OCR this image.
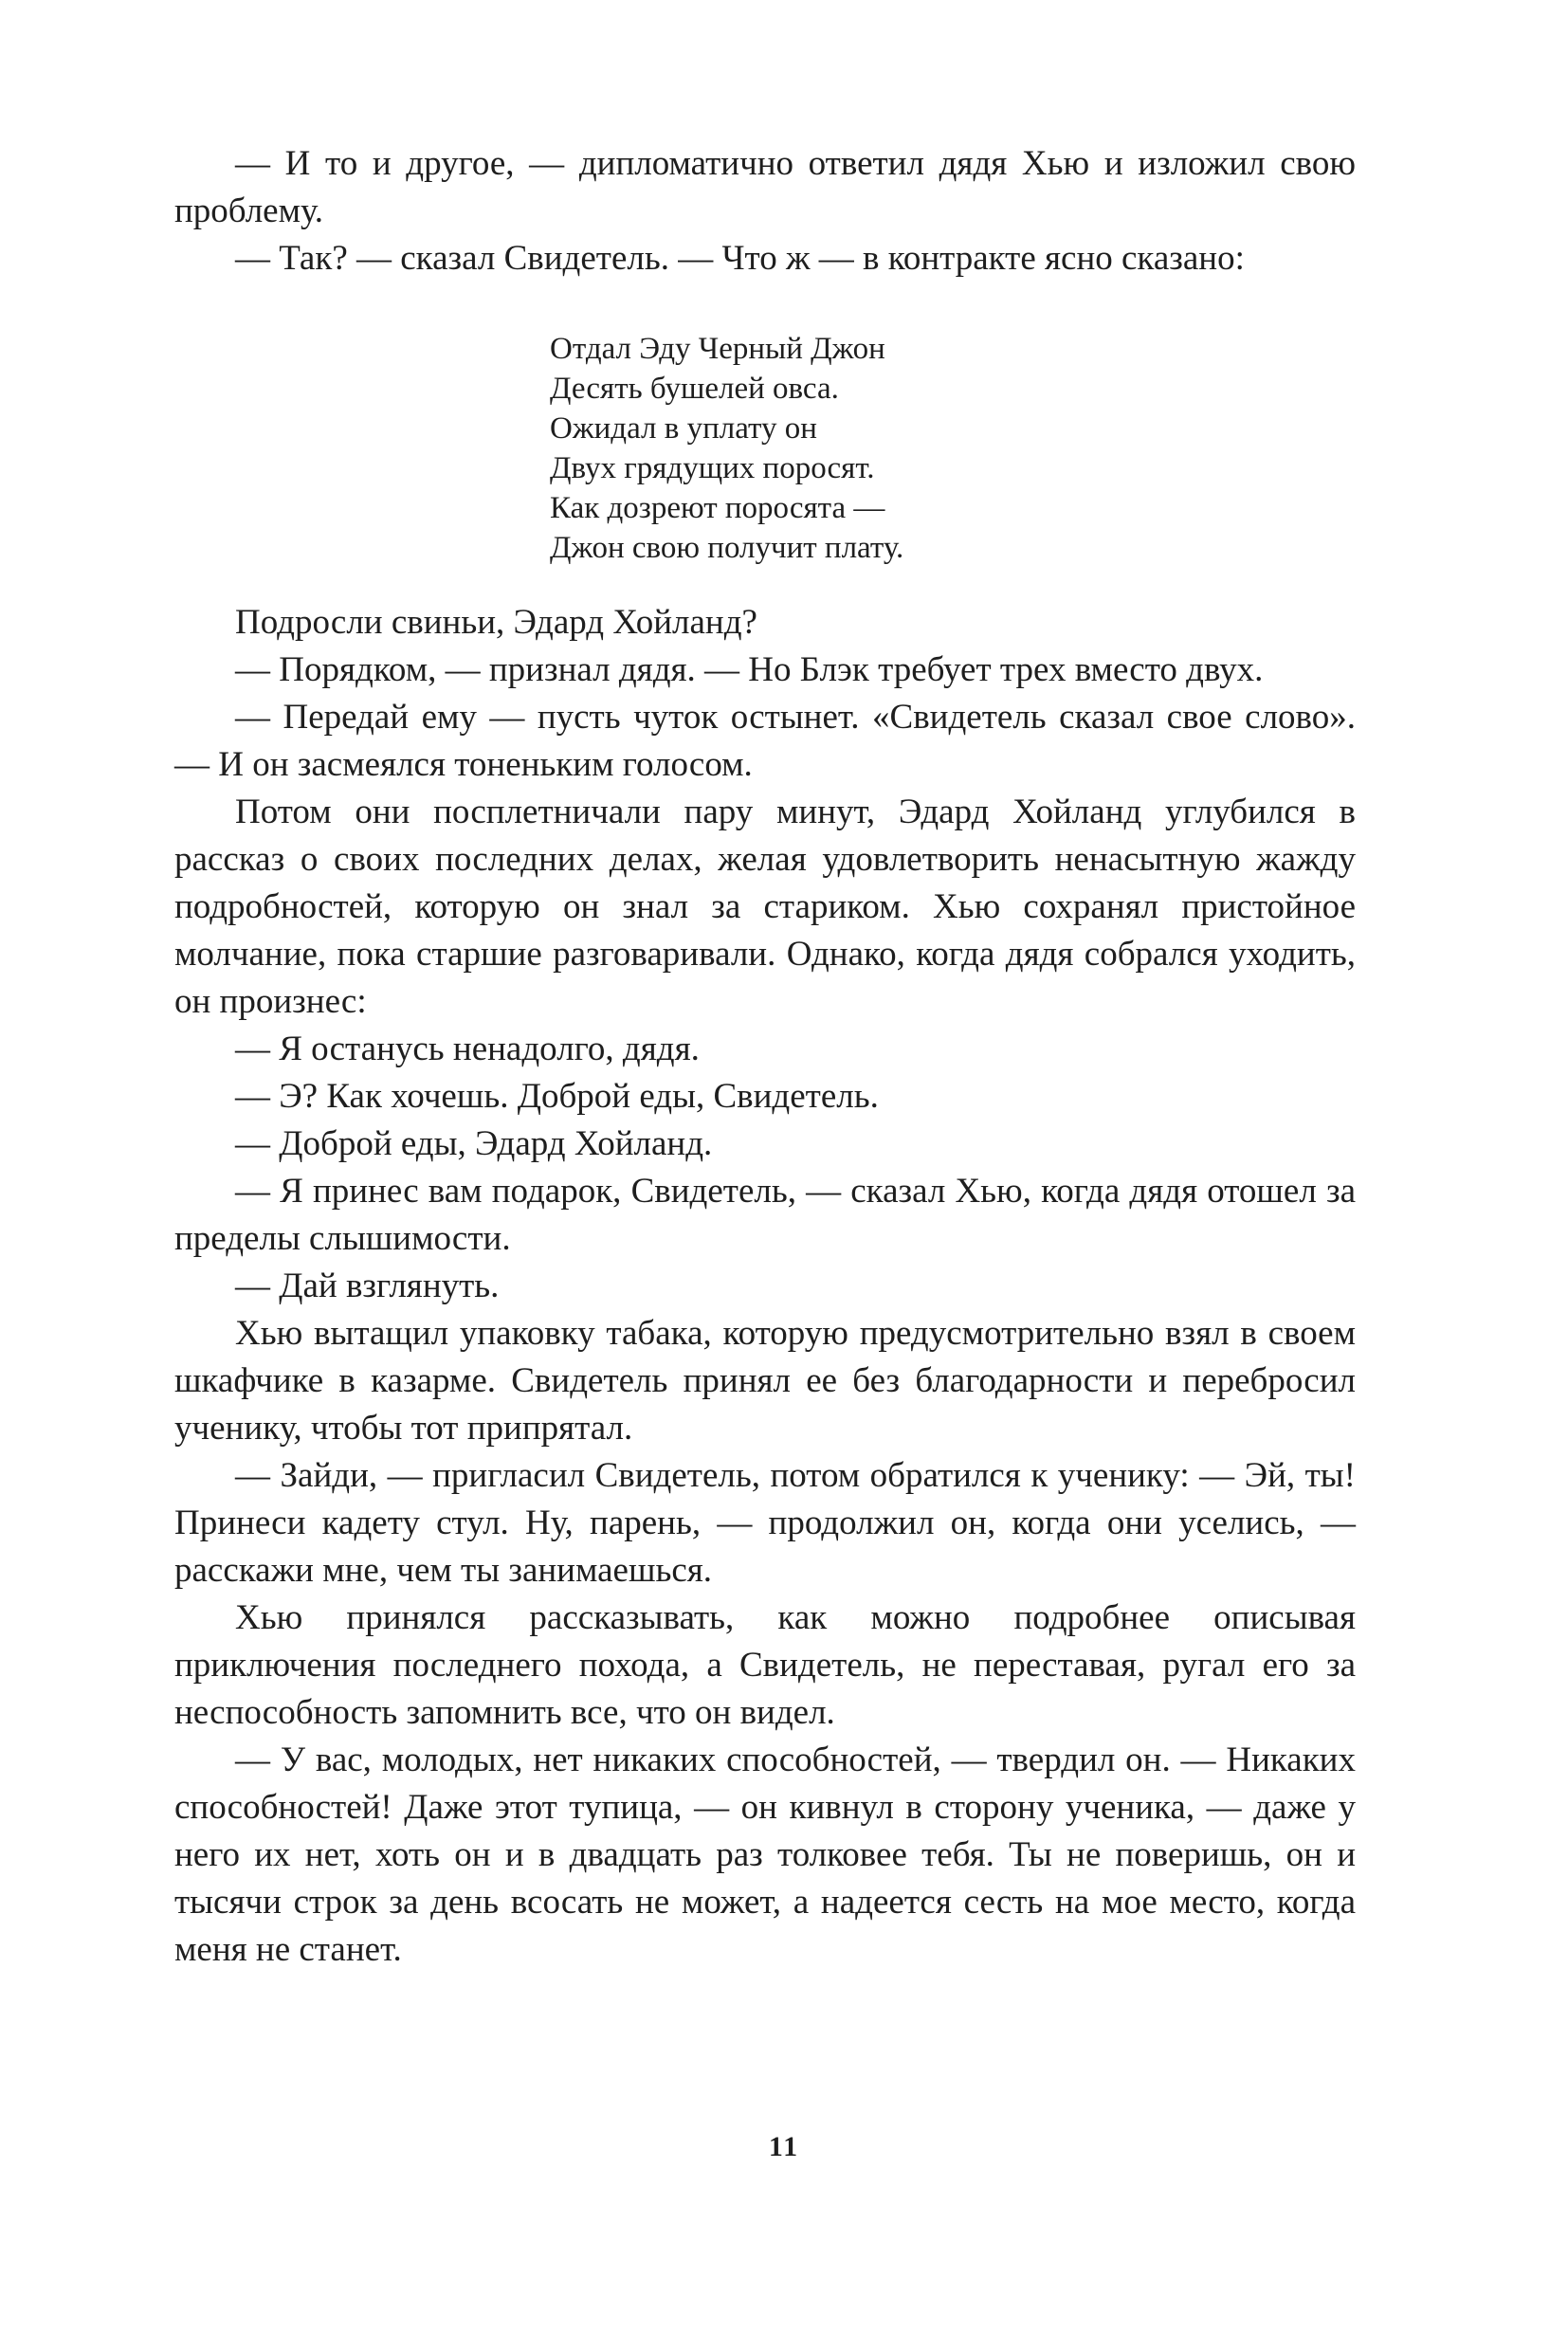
— И то и другое, — дипломатично ответил дядя Хью и изложил свою проблему.

— Так? — сказал Свидетель. — Что ж — в контракте ясно сказано:

Отдал Эду Черный Джон
Десять бушелей овса.
Ожидал в уплату он
Двух грядущих поросят.
Как дозреют поросята —
Джон свою получит плату.

Подросли свиньи, Эдард Хойланд?

— Порядком, — признал дядя. — Но Блэк требует трех вместо двух.

— Передай ему — пусть чуток остынет. «Свидетель сказал свое слово». — И он засмеялся тоненьким голосом.

Потом они посплетничали пару минут, Эдард Хойланд углубился в рассказ о своих последних делах, желая удовлетворить ненасытную жажду подробностей, которую он знал за стариком. Хью сохранял пристойное молчание, пока старшие разговаривали. Однако, когда дядя собрался уходить, он произнес:

— Я останусь ненадолго, дядя.

— Э? Как хочешь. Доброй еды, Свидетель.

— Доброй еды, Эдард Хойланд.

— Я принес вам подарок, Свидетель, — сказал Хью, когда дядя отошел за пределы слышимости.

— Дай взглянуть.

Хью вытащил упаковку табака, которую предусмотрительно взял в своем шкафчике в казарме. Свидетель принял ее без благодарности и перебросил ученику, чтобы тот припрятал.

— Зайди, — пригласил Свидетель, потом обратился к ученику: — Эй, ты! Принеси кадету стул. Ну, парень, — продолжил он, когда они уселись, — расскажи мне, чем ты занимаешься.

Хью принялся рассказывать, как можно подробнее описывая приключения последнего похода, а Свидетель, не переставая, ругал его за неспособность запомнить все, что он видел.

— У вас, молодых, нет никаких способностей, — твердил он. — Никаких способностей! Даже этот тупица, — он кивнул в сторону ученика, — даже у него их нет, хоть он и в двадцать раз толковее тебя. Ты не поверишь, он и тысячи строк за день всосать не может, а надеется сесть на мое место, когда меня не станет.

11
